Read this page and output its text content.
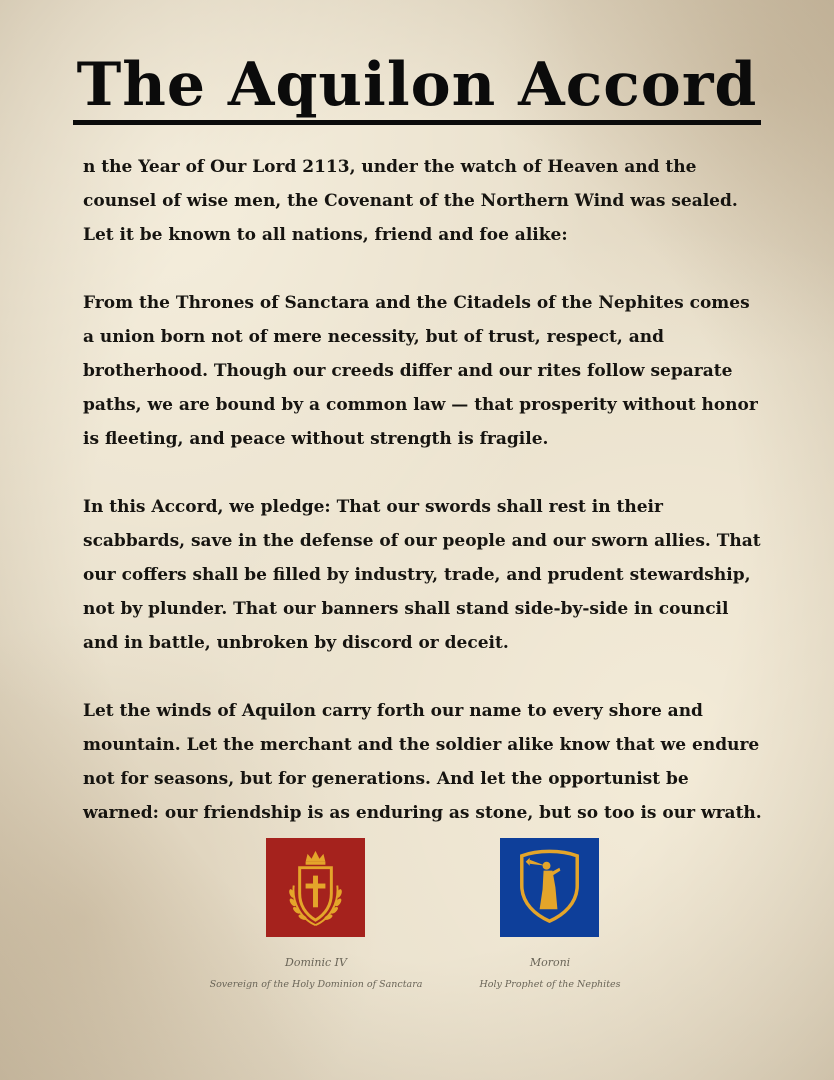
The Aquilon Accord

n the Year of Our Lord 2113, under the watch of Heaven and the counsel of wise men, the Covenant of the Northern Wind was sealed. Let it be known to all nations, friend and foe alike:

From the Thrones of Sanctara and the Citadels of the Nephites comes a union born not of mere necessity, but of trust, respect, and brotherhood. Though our creeds differ and our rites follow separate paths, we are bound by a common law — that prosperity without honor is fleeting, and peace without strength is fragile.

In this Accord, we pledge: That our swords shall rest in their scabbards, save in the defense of our people and our sworn allies. That our coffers shall be filled by industry, trade, and prudent stewardship, not by plunder. That our banners shall stand side-by-side in council and in battle, unbroken by discord or deceit.

Let the winds of Aquilon carry forth our name to every shore and mountain. Let the merchant and the soldier alike know that we endure not for seasons, but for generations. And let the opportunist be warned: our friendship is as enduring as stone, but so too is our wrath.

Dominic IV
Sovereign of the Holy Dominion of Sanctara
Moroni
Holy Prophet of the Nephites
